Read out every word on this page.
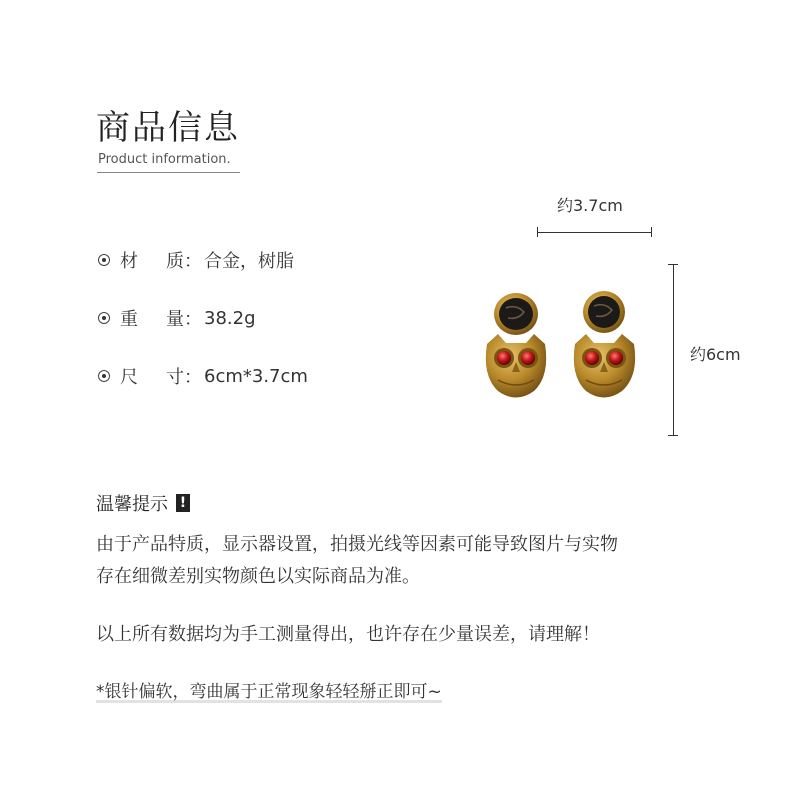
商品信息
Product information.
材	质： 合金，树脂
重	量： 38.2g
尺	寸： 6cm*3.7cm
约3.7cm
约6cm
温馨提示 !
由于产品特质，显示器设置，拍摄光线等因素可能导致图片与实物
存在细微差别实物颜色以实际商品为准。
以上所有数据均为手工测量得出，也许存在少量误差，请理解！
*银针偏软，弯曲属于正常现象轻轻掰正即可~
